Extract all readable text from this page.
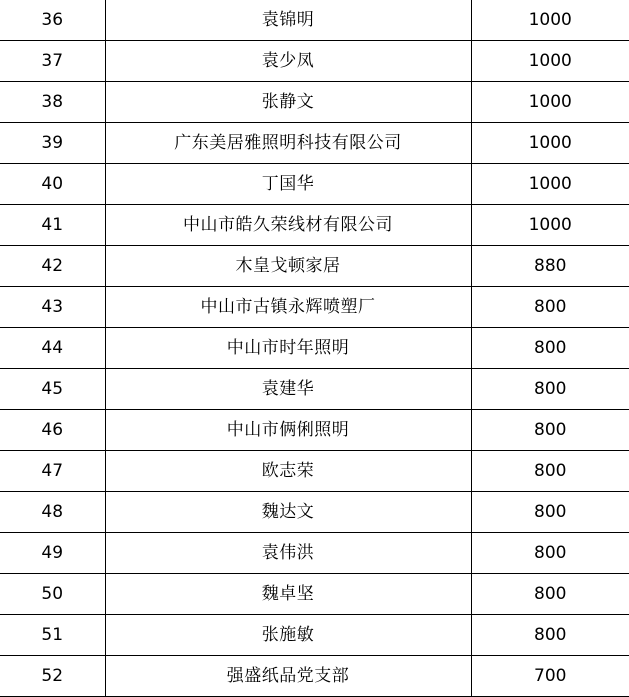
36	袁锦明	1000
37	袁少凤	1000
38	张静文	1000
39	广东美居雅照明科技有限公司	1000
40	丁国华	1000
41	中山市皓久荣线材有限公司	1000
42	木皇戈顿家居	880
43	中山市古镇永辉喷塑厂	800
44	中山市时年照明	800
45	袁建华	800
46	中山市俩俐照明	800
47	欧志荣	800
48	魏达文	800
49	袁伟洪	800
50	魏卓坚	800
51	张施敏	800
52	强盛纸品党支部	700
